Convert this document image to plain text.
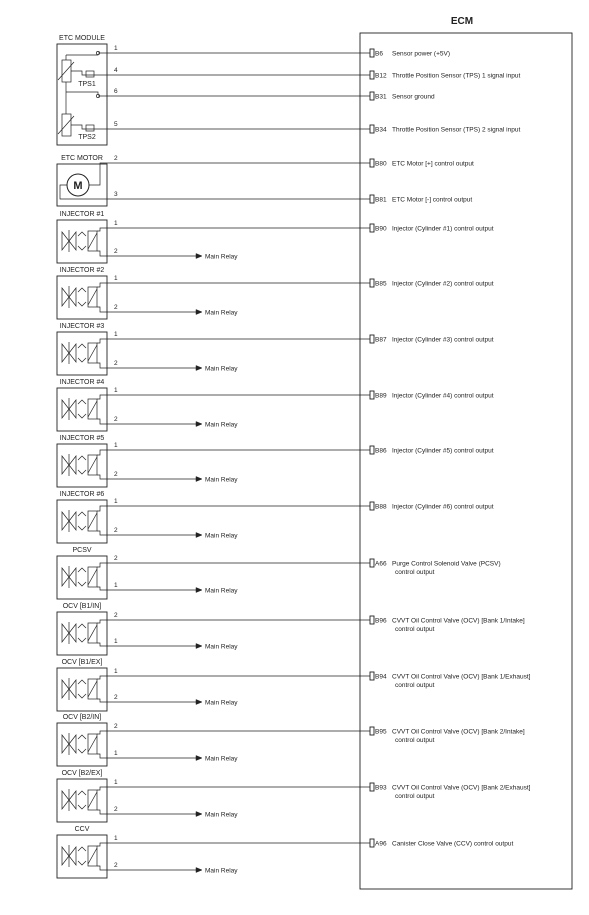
ECM
ETC MODULE
TPS1
TPS2
ETC MOTOR
M
1
B6 Sensor power (+5V)
4
B12 Throttle Position Sensor (TPS) 1 signal input
6
B31 Sensor ground
5
B34 Throttle Position Sensor (TPS) 2 signal input
2
B80 ETC Motor [+] control output
3
B81 ETC Motor [-] control output
INJECTOR #1
1
B90 Injector (Cylinder #1) control output
2
Main Relay
INJECTOR #2
1
B85 Injector (Cylinder #2) control output
2
Main Relay
INJECTOR #3
1
B87 Injector (Cylinder #3) control output
2
Main Relay
INJECTOR #4
1
B89 Injector (Cylinder #4) control output
2
Main Relay
INJECTOR #5
1
B86 Injector (Cylinder #5) control output
2
Main Relay
INJECTOR #6
1
B88 Injector (Cylinder #6) control output
2
Main Relay
PCSV
2
A66 Purge Control Solenoid Valve (PCSV)
control output
1
Main Relay
OCV [B1/IN]
2
B96 CVVT Oil Control Valve (OCV) [Bank 1/Intake]
control output
1
Main Relay
OCV [B1/EX]
1
B94 CVVT Oil Control Valve (OCV) [Bank 1/Exhaust]
control output
2
Main Relay
OCV [B2/IN]
2
B95 CVVT Oil Control Valve (OCV) [Bank 2/Intake]
control output
1
Main Relay
OCV [B2/EX]
1
B93 CVVT Oil Control Valve (OCV) [Bank 2/Exhaust]
control output
2
Main Relay
CCV
1
A96 Canister Close Valve (CCV) control output
2
Main Relay
